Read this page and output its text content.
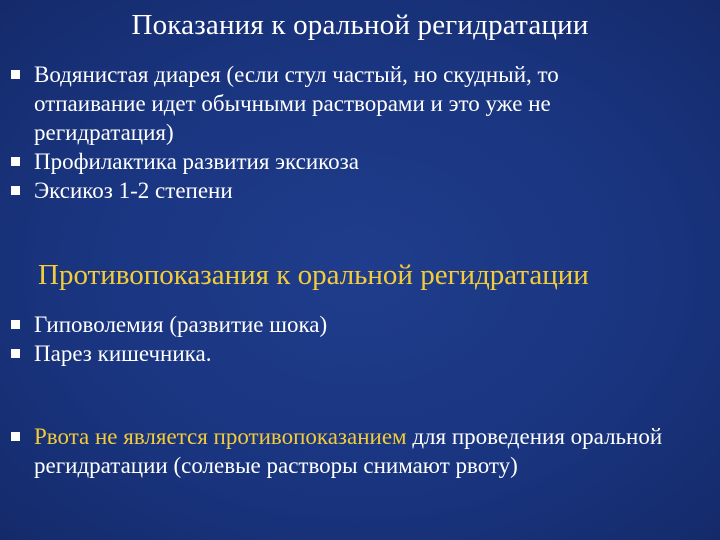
Показания к оральной регидратации
Водянистая диарея (если стул частый, но скудный, то отпаивание идет обычными растворами и это уже не регидратация)
Профилактика развития эксикоза
Эксикоз 1-2 степени
Противопоказания к оральной регидратации
Гиповолемия (развитие шока)
Парез кишечника.
Рвота не является противопоказанием для проведения оральной регидратации (солевые растворы снимают рвоту)
